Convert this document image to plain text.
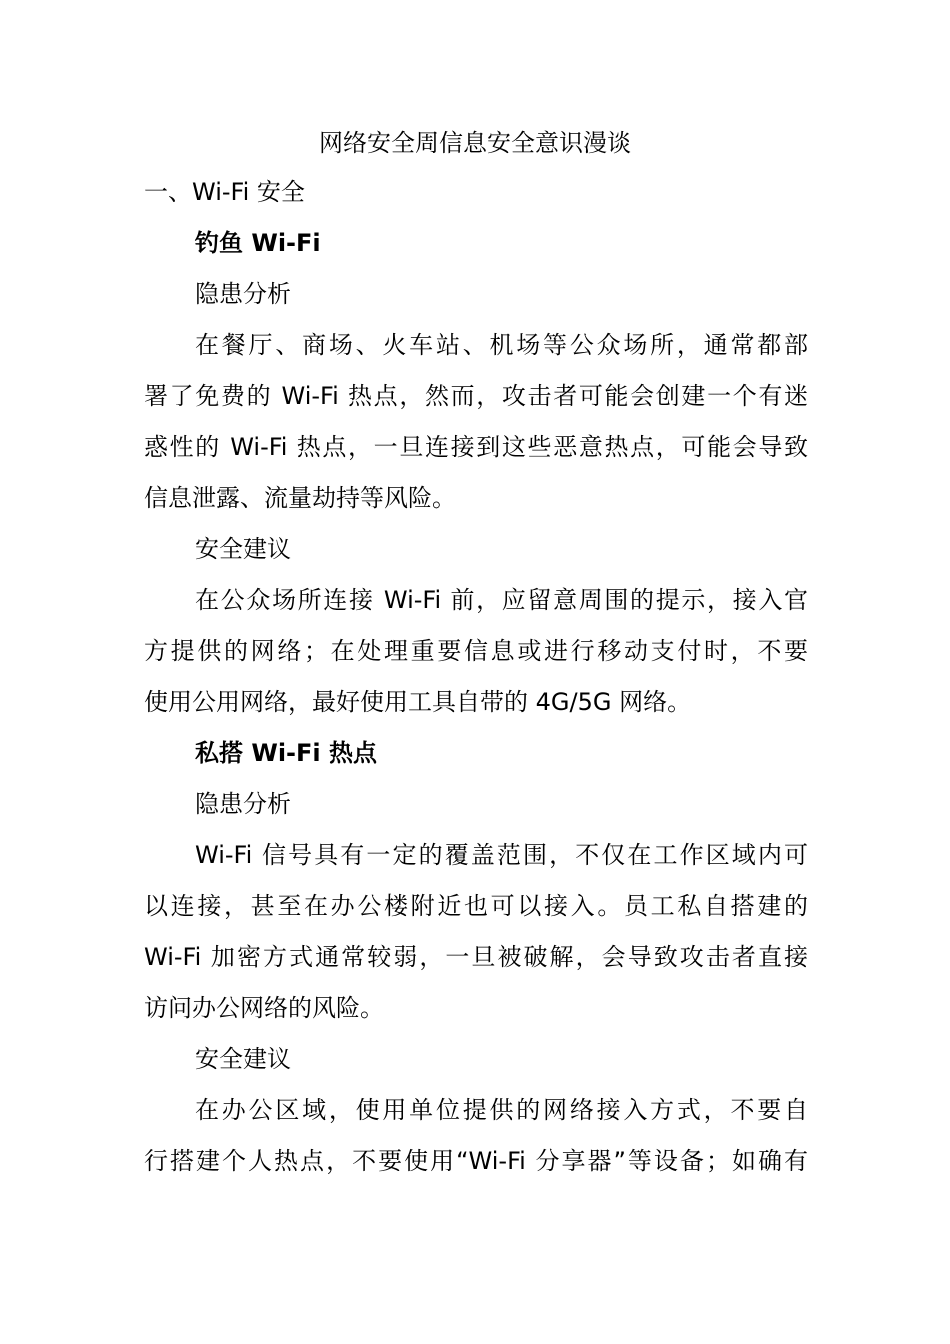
网络安全周信息安全意识漫谈
一、Wi-Fi 安全
钓鱼 Wi-Fi
隐患分析
在餐厅、商场、火车站、机场等公众场所，通常都部
署了免费的 Wi-Fi 热点，然而，攻击者可能会创建一个有迷
惑性的 Wi-Fi 热点，一旦连接到这些恶意热点，可能会导致
信息泄露、流量劫持等风险。
安全建议
在公众场所连接 Wi-Fi 前，应留意周围的提示，接入官
方提供的网络；在处理重要信息或进行移动支付时，不要
使用公用网络，最好使用工具自带的 4G/5G 网络。
私搭 Wi-Fi 热点
隐患分析
Wi-Fi 信号具有一定的覆盖范围，不仅在工作区域内可
以连接，甚至在办公楼附近也可以接入。员工私自搭建的
Wi-Fi 加密方式通常较弱，一旦被破解，会导致攻击者直接
访问办公网络的风险。
安全建议
在办公区域，使用单位提供的网络接入方式，不要自
行搭建个人热点，不要使用“Wi-Fi 分享器”等设备；如确有
